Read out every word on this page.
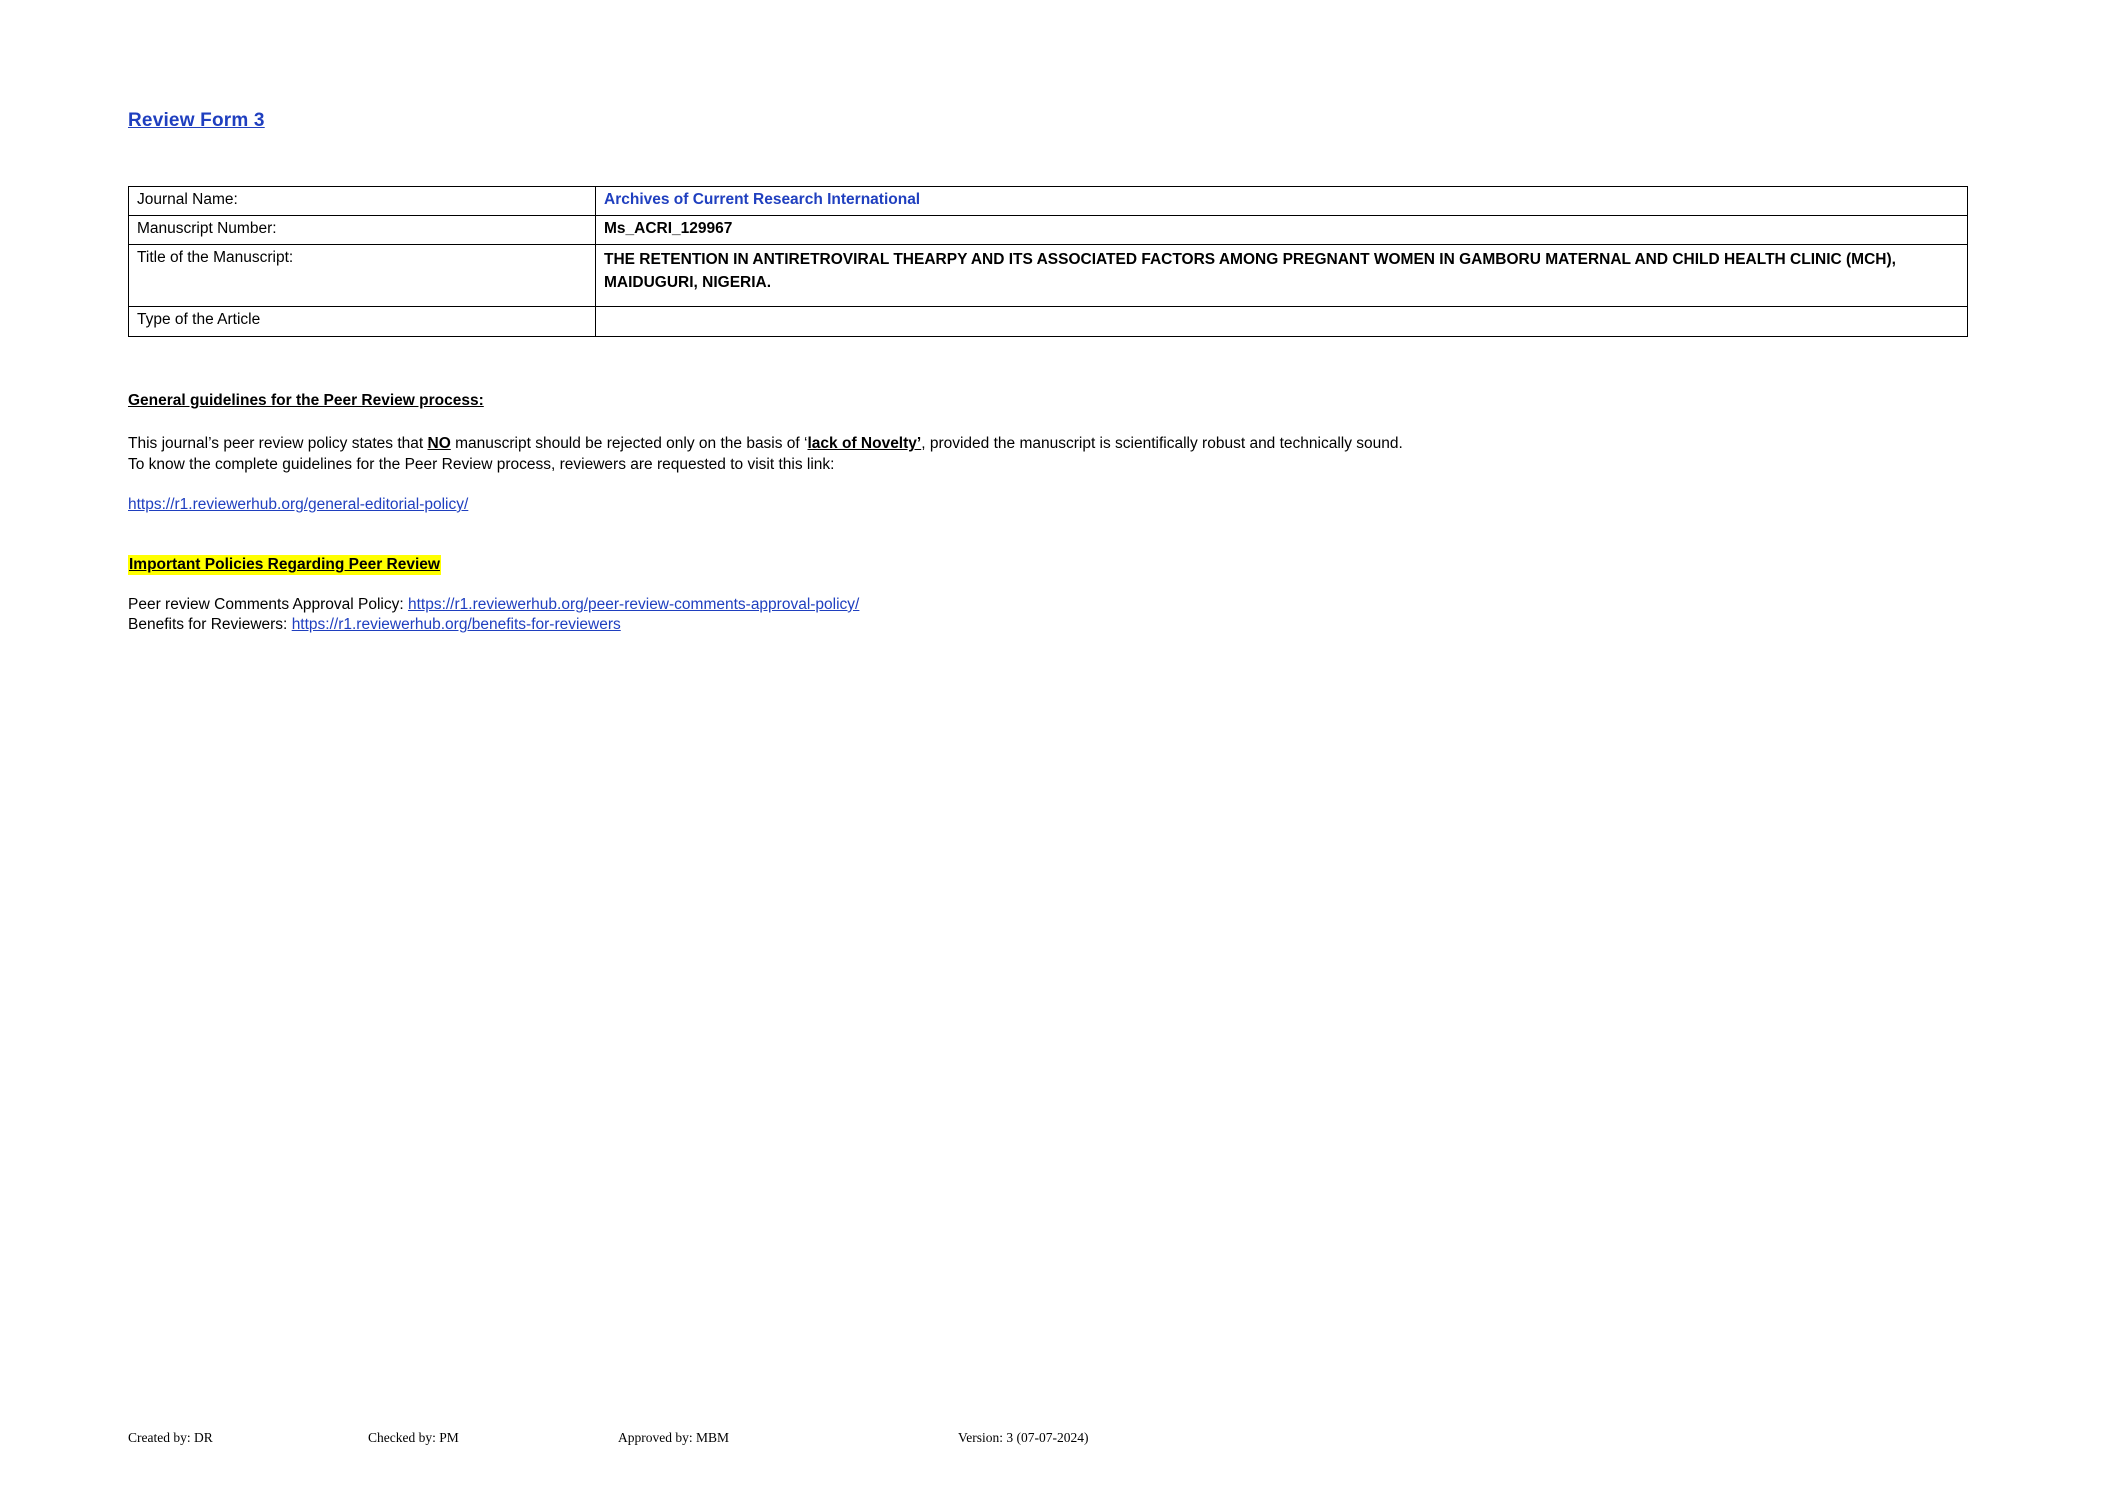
Review Form 3
Journal Name:	Archives of Current Research International
Manuscript Number:	Ms_ACRI_129967
Title of the Manuscript:	THE RETENTION IN ANTIRETROVIRAL THEARPY AND ITS ASSOCIATED FACTORS AMONG PREGNANT WOMEN IN GAMBORU MATERNAL AND CHILD HEALTH CLINIC (MCH), MAIDUGURI, NIGERIA.
Type of the Article	
General guidelines for the Peer Review process:
This journal’s peer review policy states that NO manuscript should be rejected only on the basis of ‘lack of Novelty’, provided the manuscript is scientifically robust and technically sound.
To know the complete guidelines for the Peer Review process, reviewers are requested to visit this link:
https://r1.reviewerhub.org/general-editorial-policy/
Important Policies Regarding Peer Review
Peer review Comments Approval Policy: https://r1.reviewerhub.org/peer-review-comments-approval-policy/
Benefits for Reviewers: https://r1.reviewerhub.org/benefits-for-reviewers
Created by: DR	Checked by: PM	Approved by: MBM	Version: 3 (07-07-2024)
